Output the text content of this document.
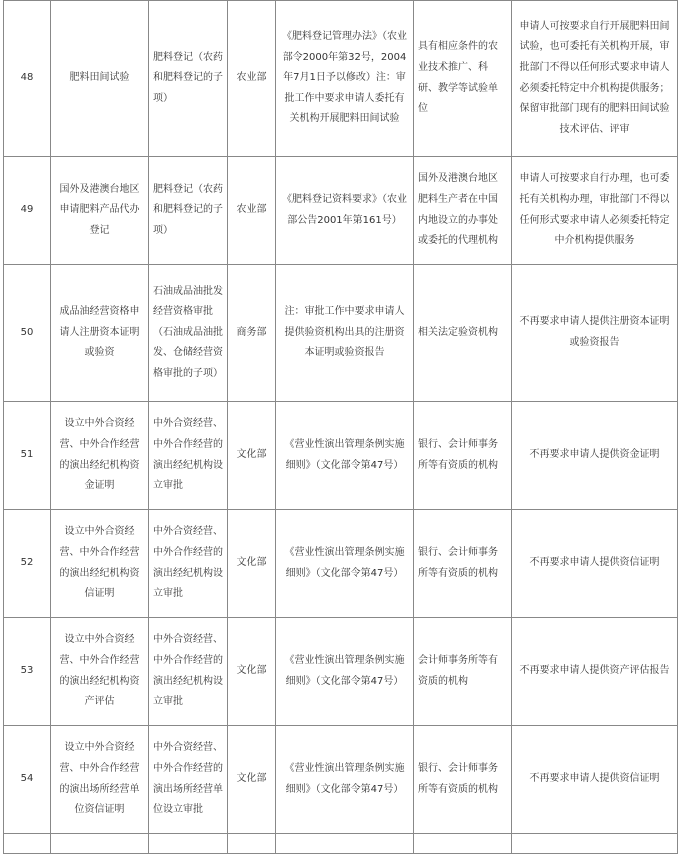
48	肥料田间试验	肥料登记（农药和肥料登记的子项）	农业部	《肥料登记管理办法》（农业部令2000年第32号，2004年7月1日予以修改）注：审批工作中要求申请人委托有关机构开展肥料田间试验	具有相应条件的农业技术推广、科研、教学等试验单位	申请人可按要求自行开展肥料田间试验，也可委托有关机构开展，审批部门不得以任何形式要求申请人必须委托特定中介机构提供服务；保留审批部门现有的肥料田间试验技术评估、评审
49	国外及港澳台地区申请肥料产品代办登记	肥料登记（农药和肥料登记的子项）	农业部	《肥料登记资料要求》（农业部公告2001年第161号）	国外及港澳台地区肥料生产者在中国内地设立的办事处或委托的代理机构	申请人可按要求自行办理，也可委托有关机构办理，审批部门不得以任何形式要求申请人必须委托特定中介机构提供服务
50	成品油经营资格申请人注册资本证明或验资	石油成品油批发经营资格审批（石油成品油批发、仓储经营资格审批的子项）	商务部	注：审批工作中要求申请人提供验资机构出具的注册资本证明或验资报告	相关法定验资机构	不再要求申请人提供注册资本证明或验资报告
51	设立中外合资经营、中外合作经营的演出经纪机构资金证明	中外合资经营、中外合作经营的演出经纪机构设立审批	文化部	《营业性演出管理条例实施细则》（文化部令第47号）	银行、会计师事务所等有资质的机构	不再要求申请人提供资金证明
52	设立中外合资经营、中外合作经营的演出经纪机构资信证明	中外合资经营、中外合作经营的演出经纪机构设立审批	文化部	《营业性演出管理条例实施细则》（文化部令第47号）	银行、会计师事务所等有资质的机构	不再要求申请人提供资信证明
53	设立中外合资经营、中外合作经营的演出经纪机构资产评估	中外合资经营、中外合作经营的演出经纪机构设立审批	文化部	《营业性演出管理条例实施细则》（文化部令第47号）	会计师事务所等有资质的机构	不再要求申请人提供资产评估报告
54	设立中外合资经营、中外合作经营的演出场所经营单位资信证明	中外合资经营、中外合作经营的演出场所经营单位设立审批	文化部	《营业性演出管理条例实施细则》（文化部令第47号）	银行、会计师事务所等有资质的机构	不再要求申请人提供资信证明
